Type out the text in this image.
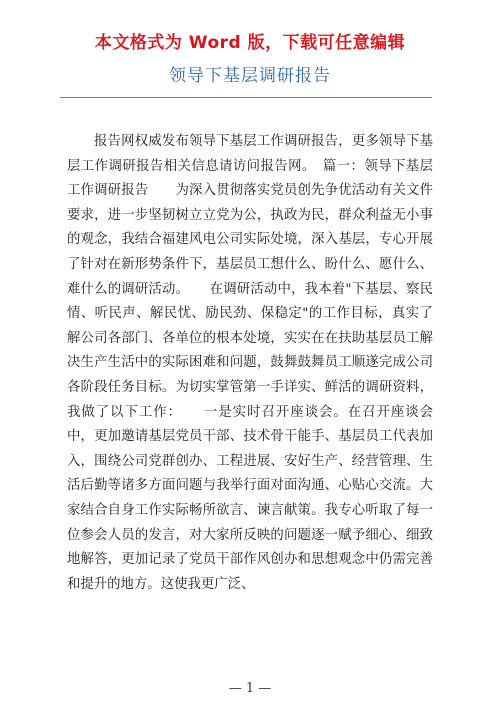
本文格式为 Word 版，下载可任意编辑
领导下基层调研报告

报告网权威发布领导下基层工作调研报告，更多领导下基层工作调研报告相关信息请访问报告网。　篇一：领导下基层工作调研报告　　为深入贯彻落实党员创先争优活动有关文件要求，进一步坚韧树立立党为公，执政为民，群众利益无小事的观念，我结合福建风电公司实际处境，深入基层，专心开展了针对在新形势条件下，基层员工想什么、盼什么、愿什么、难什么的调研活动。　　在调研活动中，我本着"下基层、察民情、听民声、解民忧、励民劲、保稳定"的工作目标，真实了解公司各部门、各单位的根本处境，实实在在扶助基层员工解决生产生活中的实际困难和问题，鼓舞鼓舞员工顺遂完成公司各阶段任务目标。为切实掌管第一手详实、鲜活的调研资料，我做了以下工作：　　一是实时召开座谈会。在召开座谈会中，更加邀请基层党员干部、技术骨干能手、基层员工代表加入，围绕公司党群创办、工程进展、安好生产、经营管理、生活后勤等诸多方面问题与我举行面对面沟通、心贴心交流。大家结合自身工作实际畅所欲言、谏言献策。我专心听取了每一位参会人员的发言，对大家所反映的问题逐一赋予细心、细致地解答，更加记录了党员干部作风创办和思想观念中仍需完善和提升的地方。这使我更广泛、

— 1 —
